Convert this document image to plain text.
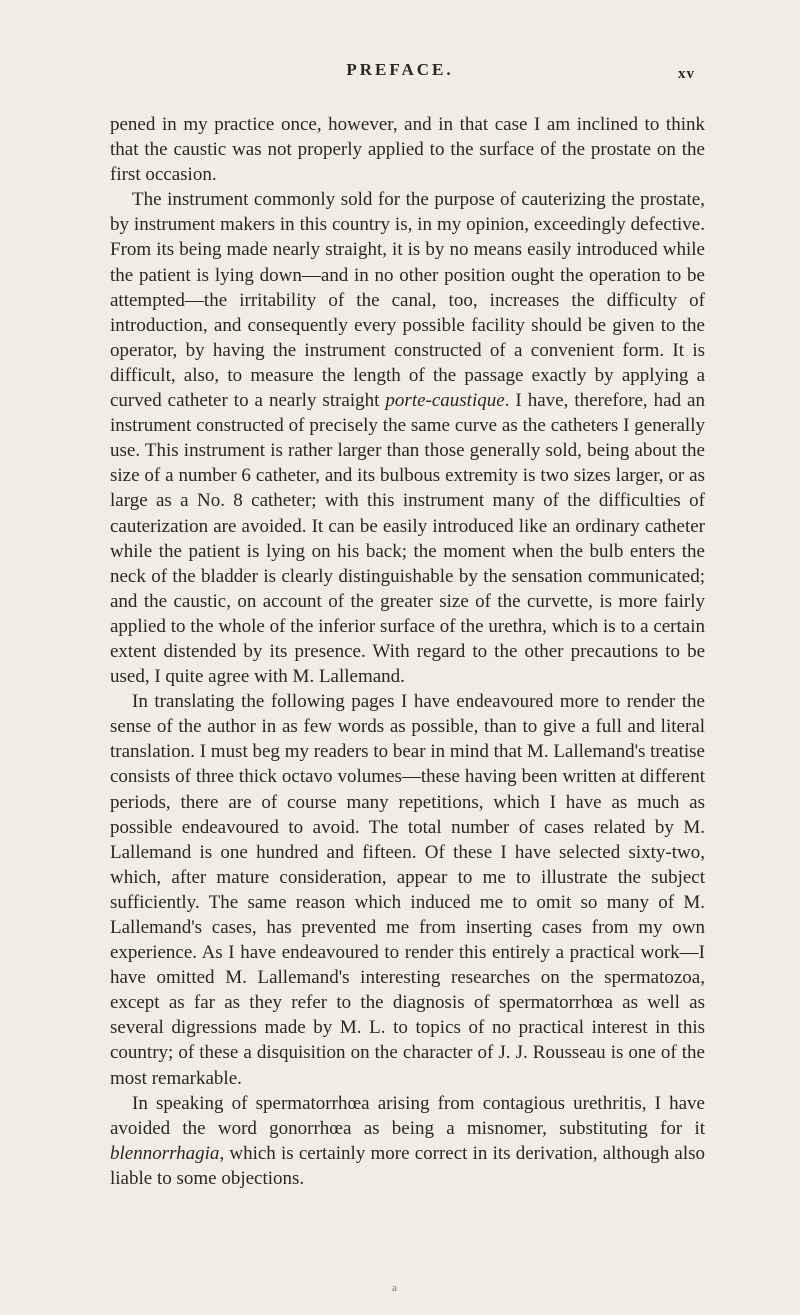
PREFACE.	xv

pened in my practice once, however, and in that case I am inclined to think that the caustic was not properly applied to the surface of the prostate on the first occasion.

The instrument commonly sold for the purpose of cauterizing the prostate, by instrument makers in this country is, in my opinion, exceedingly defective. From its being made nearly straight, it is by no means easily introduced while the patient is lying down—and in no other position ought the operation to be attempted—the irritability of the canal, too, increases the difficulty of introduction, and consequently every possible facility should be given to the operator, by having the instrument constructed of a convenient form. It is difficult, also, to measure the length of the passage exactly by applying a curved catheter to a nearly straight porte-caustique. I have, therefore, had an instrument constructed of precisely the same curve as the catheters I generally use. This instrument is rather larger than those generally sold, being about the size of a number 6 catheter, and its bulbous extremity is two sizes larger, or as large as a No. 8 catheter; with this instrument many of the difficulties of cauterization are avoided. It can be easily introduced like an ordinary catheter while the patient is lying on his back; the moment when the bulb enters the neck of the bladder is clearly distinguishable by the sensation communicated; and the caustic, on account of the greater size of the curvette, is more fairly applied to the whole of the inferior surface of the urethra, which is to a certain extent distended by its presence. With regard to the other precautions to be used, I quite agree with M. Lallemand.

In translating the following pages I have endeavoured more to render the sense of the author in as few words as possible, than to give a full and literal translation. I must beg my readers to bear in mind that M. Lallemand's treatise consists of three thick octavo volumes—these having been written at different periods, there are of course many repetitions, which I have as much as possible endeavoured to avoid. The total number of cases related by M. Lallemand is one hundred and fifteen. Of these I have selected sixty-two, which, after mature consideration, appear to me to illustrate the subject sufficiently. The same reason which induced me to omit so many of M. Lallemand's cases, has prevented me from inserting cases from my own experience. As I have endeavoured to render this entirely a practical work—I have omitted M. Lallemand's interesting researches on the spermatozoa, except as far as they refer to the diagnosis of spermatorrhœa as well as several digressions made by M. L. to topics of no practical interest in this country; of these a disquisition on the character of J. J. Rousseau is one of the most remarkable.

In speaking of spermatorrhœa arising from contagious urethritis, I have avoided the word gonorrhœa as being a misnomer, substituting for it blennorrhagia, which is certainly more correct in its derivation, although also liable to some objections.

a
